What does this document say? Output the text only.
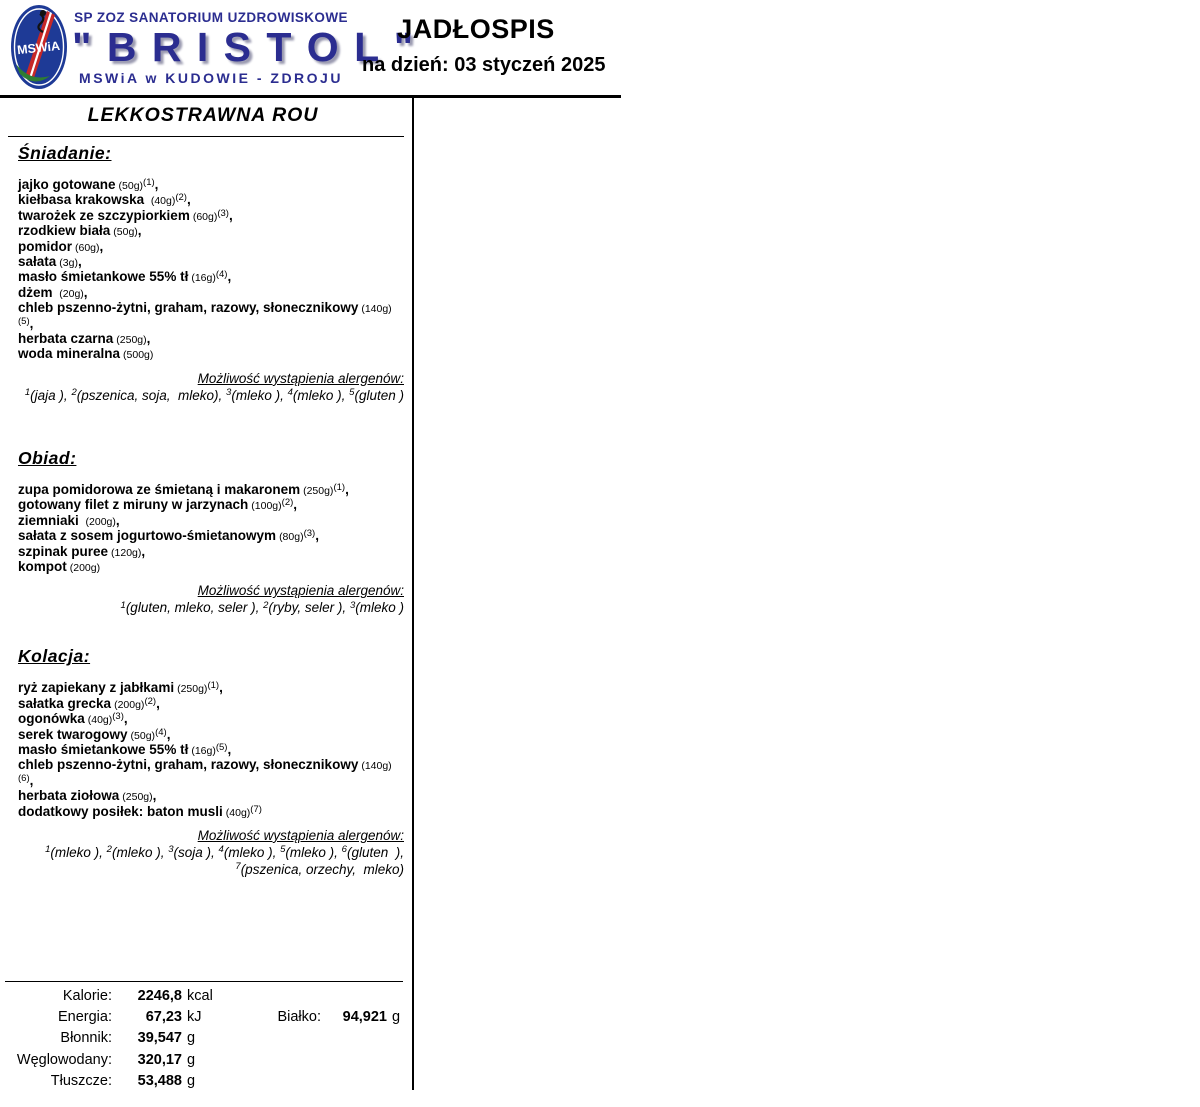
MSWiA
SP ZOZ SANATORIUM UZDROWISKOWE
" B R I S T O L "
MSWiA w KUDOWIE - ZDROJU
JADŁOSPIS
na dzień: 03 styczeń 2025
LEKKOSTRAWNA ROU
Śniadanie:
jajko gotowane (50g)$^{(1)}$,
kiełbasa krakowska (40g)$^{(2)}$,
twarożek ze szczypiorkiem (60g)$^{(3)}$,
rzodkiew biała (50g),
pomidor (60g),
sałata (3g),
masło śmietankowe 55% tł (16g)$^{(4)}$,
dżem (20g),
chleb pszenno-żytni, graham, razowy, słonecznikowy (140g)$^{(5)}$,
herbata czarna (250g),
woda mineralna (500g)
Możliwość wystąpienia alergenów:
$^1$(jaja ), $^2$(pszenica, soja,  mleko), $^3$(mleko ), $^4$(mleko ), $^5$(gluten )
Obiad:
zupa pomidorowa ze śmietaną i makaronem (250g)$^{(1)}$,
gotowany filet z miruny w jarzynach (100g)$^{(2)}$,
ziemniaki (200g),
sałata z sosem jogurtowo-śmietanowym (80g)$^{(3)}$,
szpinak puree (120g),
kompot (200g)
Możliwość wystąpienia alergenów:
$^1$(gluten, mleko, seler ), $^2$(ryby, seler ), $^3$(mleko )
Kolacja:
ryż zapiekany z jabłkami (250g)$^{(1)}$,
sałatka grecka (200g)$^{(2)}$,
ogonówka (40g)$^{(3)}$,
serek twarogowy (50g)$^{(4)}$,
masło śmietankowe 55% tł (16g)$^{(5)}$,
chleb pszenno-żytni, graham, razowy, słonecznikowy (140g)$^{(6)}$,
herbata ziołowa (250g),
dodatkowy posiłek: baton musli (40g)$^{(7)}$
Możliwość wystąpienia alergenów:
$^1$(mleko ), $^2$(mleko ), $^3$(soja ), $^4$(mleko ), $^5$(mleko ), $^6$(gluten  ),
$^7$(pszenica, orzechy,  mleko)
Kalorie:	2246,8 kcal
Energia:	67,23 kJ
Błonnik:	39,547 g
Węglowodany:	320,17 g
Tłuszcze:	53,488 g
Białko:	94,921 g
